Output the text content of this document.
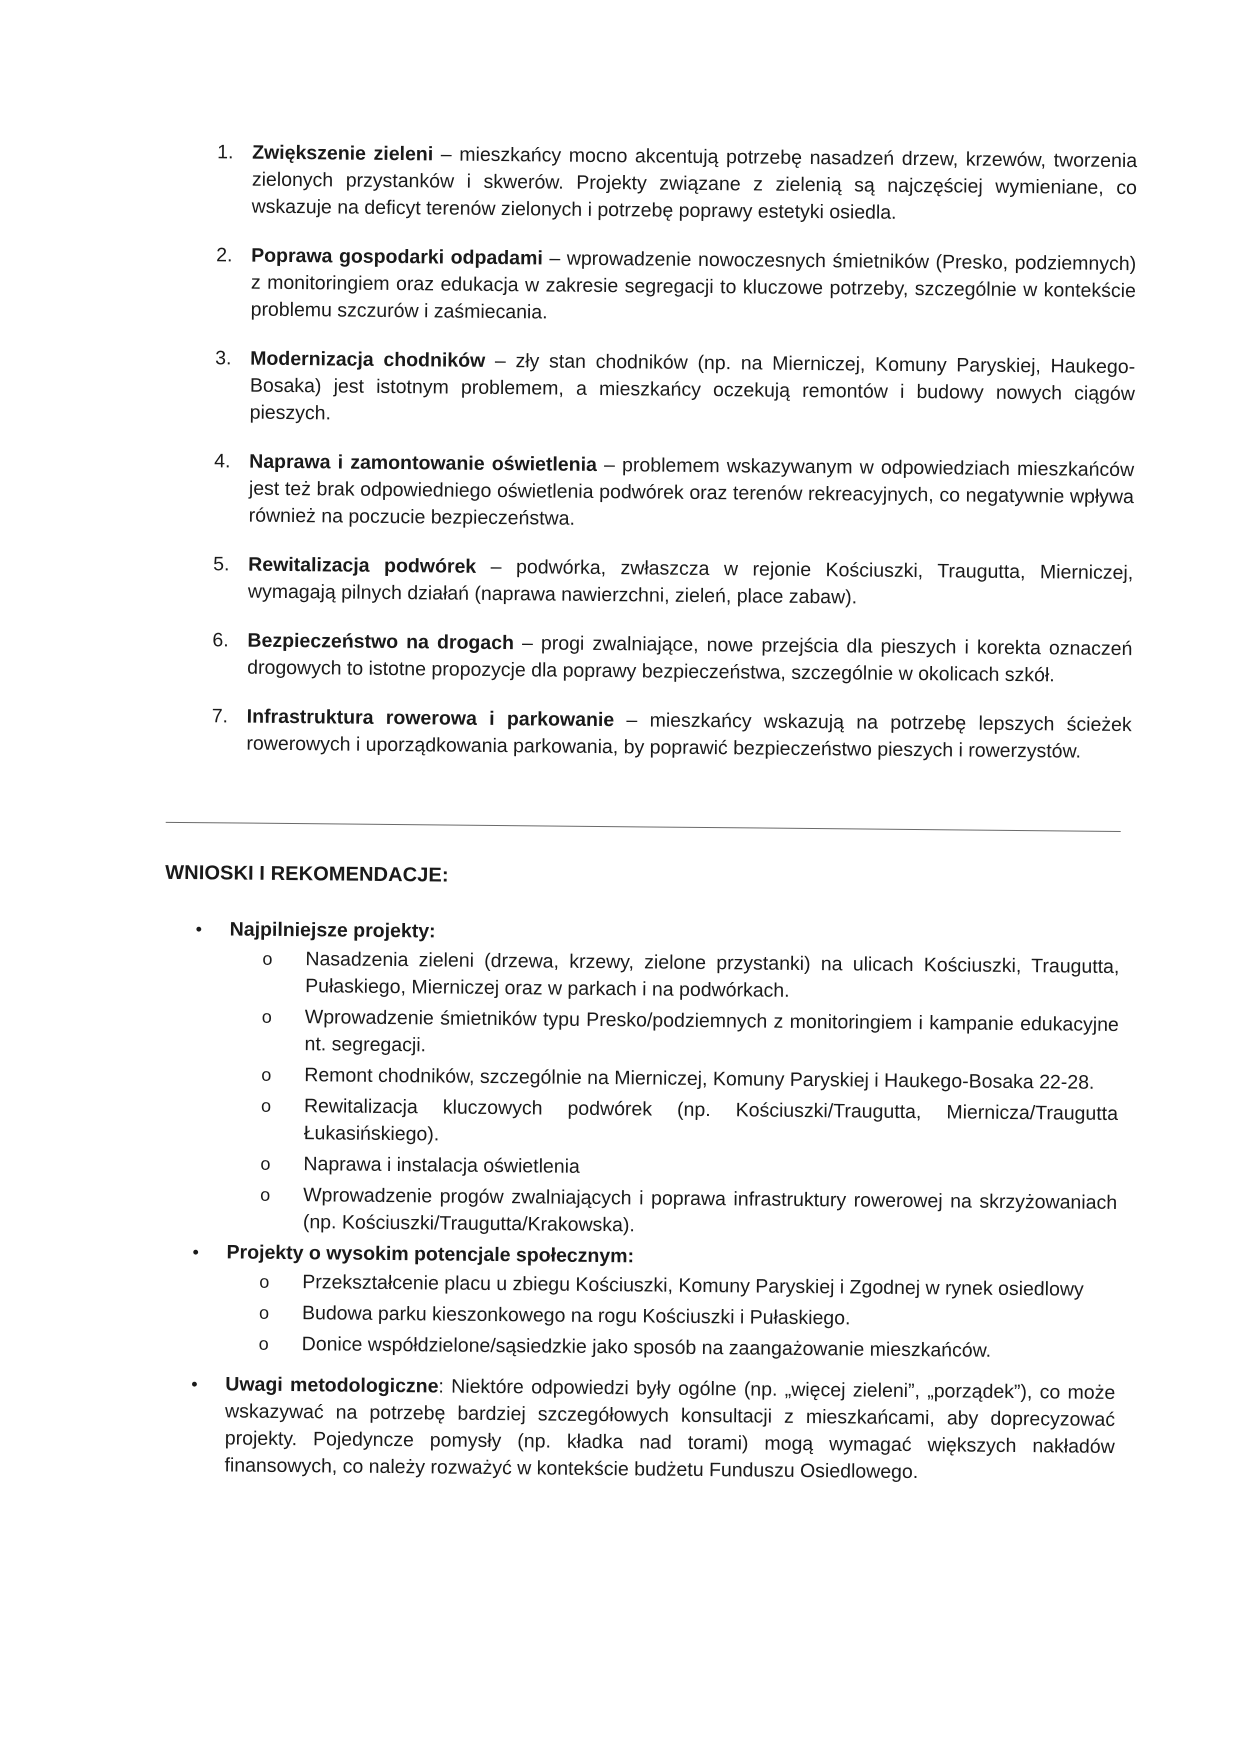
1. Zwiększenie zieleni – mieszkańcy mocno akcentują potrzebę nasadzeń drzew, krzewów, tworzenia zielonych przystanków i skwerów. Projekty związane z zielenią są najczęściej wymieniane, co wskazuje na deficyt terenów zielonych i potrzebę poprawy estetyki osiedla.
2. Poprawa gospodarki odpadami – wprowadzenie nowoczesnych śmietników (Presko, podziemnych) z monitoringiem oraz edukacja w zakresie segregacji to kluczowe potrzeby, szczególnie w kontekście problemu szczurów i zaśmiecania.
3. Modernizacja chodników – zły stan chodników (np. na Mierniczej, Komuny Paryskiej, Haukego-Bosaka) jest istotnym problemem, a mieszkańcy oczekują remontów i budowy nowych ciągów pieszych.
4. Naprawa i zamontowanie oświetlenia – problemem wskazywanym w odpowiedziach mieszkańców jest też brak odpowiedniego oświetlenia podwórek oraz terenów rekreacyjnych, co negatywnie wpływa również na poczucie bezpieczeństwa.
5. Rewitalizacja podwórek – podwórka, zwłaszcza w rejonie Kościuszki, Traugutta, Mierniczej, wymagają pilnych działań (naprawa nawierzchni, zieleń, place zabaw).
6. Bezpieczeństwo na drogach – progi zwalniające, nowe przejścia dla pieszych i korekta oznaczeń drogowych to istotne propozycje dla poprawy bezpieczeństwa, szczególnie w okolicach szkół.
7. Infrastruktura rowerowa i parkowanie – mieszkańcy wskazują na potrzebę lepszych ścieżek rowerowych i uporządkowania parkowania, by poprawić bezpieczeństwo pieszych i rowerzystów.
WNIOSKI I REKOMENDACJE:
• Najpilniejsze projekty:
o Nasadzenia zieleni (drzewa, krzewy, zielone przystanki) na ulicach Kościuszki, Traugutta, Pułaskiego, Mierniczej oraz w parkach i na podwórkach.
o Wprowadzenie śmietników typu Presko/podziemnych z monitoringiem i kampanie edukacyjne nt. segregacji.
o Remont chodników, szczególnie na Mierniczej, Komuny Paryskiej i Haukego-Bosaka 22-28.
o Rewitalizacja kluczowych podwórek (np. Kościuszki/Traugutta, Miernicza/Traugutta Łukasińskiego).
o Naprawa i instalacja oświetlenia
o Wprowadzenie progów zwalniających i poprawa infrastruktury rowerowej na skrzyżowaniach (np. Kościuszki/Traugutta/Krakowska).
• Projekty o wysokim potencjale społecznym:
o Przekształcenie placu u zbiegu Kościuszki, Komuny Paryskiej i Zgodnej w rynek osiedlowy
o Budowa parku kieszonkowego na rogu Kościuszki i Pułaskiego.
o Donice współdzielone/sąsiedzkie jako sposób na zaangażowanie mieszkańców.
• Uwagi metodologiczne: Niektóre odpowiedzi były ogólne (np. „więcej zieleni”, „porządek”), co może wskazywać na potrzebę bardziej szczegółowych konsultacji z mieszkańcami, aby doprecyzować projekty. Pojedyncze pomysły (np. kładka nad torami) mogą wymagać większych nakładów finansowych, co należy rozważyć w kontekście budżetu Funduszu Osiedlowego.
